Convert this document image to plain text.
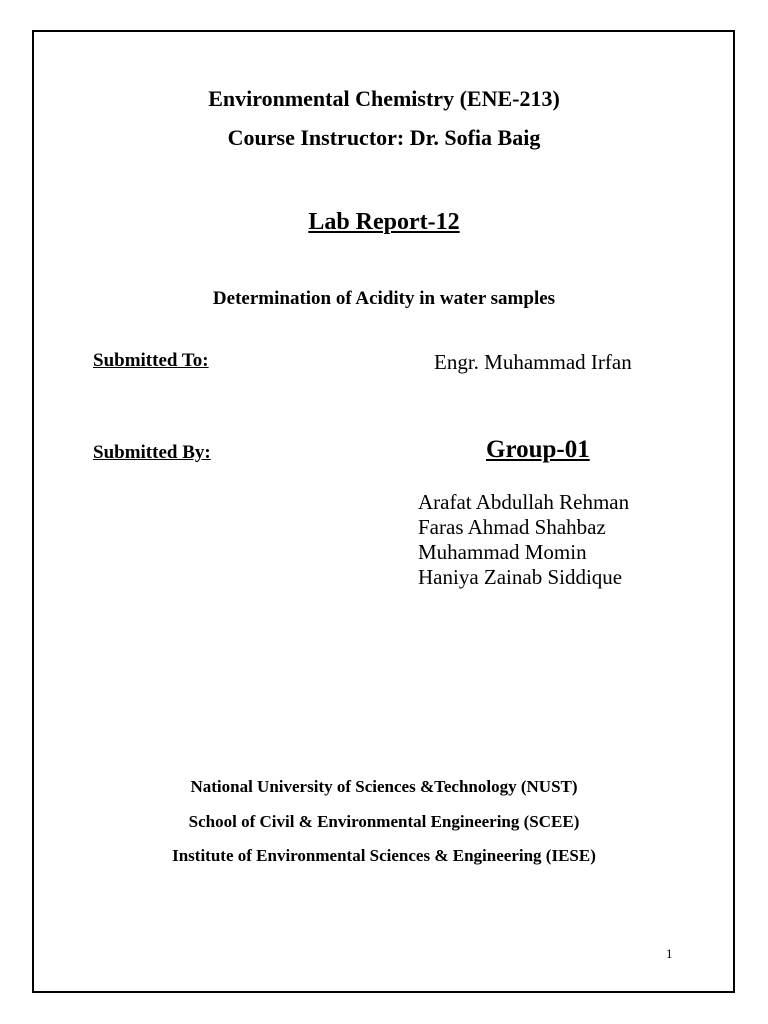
Environmental Chemistry (ENE-213)
Course Instructor: Dr. Sofia Baig
Lab Report-12
Determination of Acidity in water samples
Submitted To:	Engr. Muhammad Irfan
Submitted By:	Group-01
Arafat Abdullah Rehman
Faras Ahmad Shahbaz
Muhammad Momin
Haniya Zainab Siddique
National University of Sciences &Technology (NUST)
School of Civil & Environmental Engineering (SCEE)
Institute of Environmental Sciences & Engineering (IESE)
1
